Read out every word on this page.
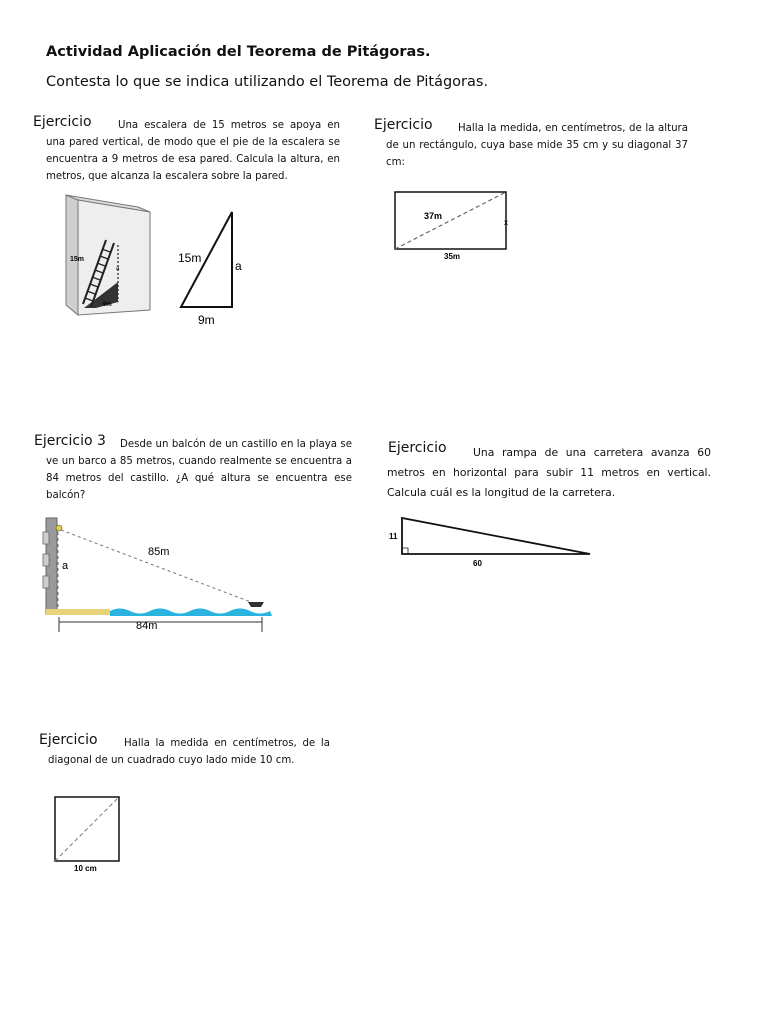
Actividad Aplicación del Teorema de Pitágoras.
Contesta lo que se indica utilizando el Teorema de Pitágoras.
Ejercicio	Una escalera de 15 metros se apoya en una pared vertical, de modo que el pie de la escalera se encuentra a 9 metros de esa pared. Calcula la altura, en metros, que alcanza la escalera sobre la pared.
15m
a
9m
15m
a
9m
Ejercicio	Halla la medida, en centímetros, de la altura de un rectángulo, cuya base mide 35 cm y su diagonal 37 cm:
37m
x
35m
Ejercicio 3	Desde un balcón de un castillo en la playa se ve un barco a 85 metros, cuando realmente se encuentra a 84 metros del castillo. ¿A qué altura se encuentra ese balcón?
85m
a
84m
Ejercicio	Una rampa de una carretera avanza 60 metros en horizontal para subir 11 metros en vertical. Calcula cuál es la longitud de la carretera.
11
60
Ejercicio	Halla la medida en centímetros, de la diagonal de un cuadrado cuyo lado mide 10 cm.
10 cm
